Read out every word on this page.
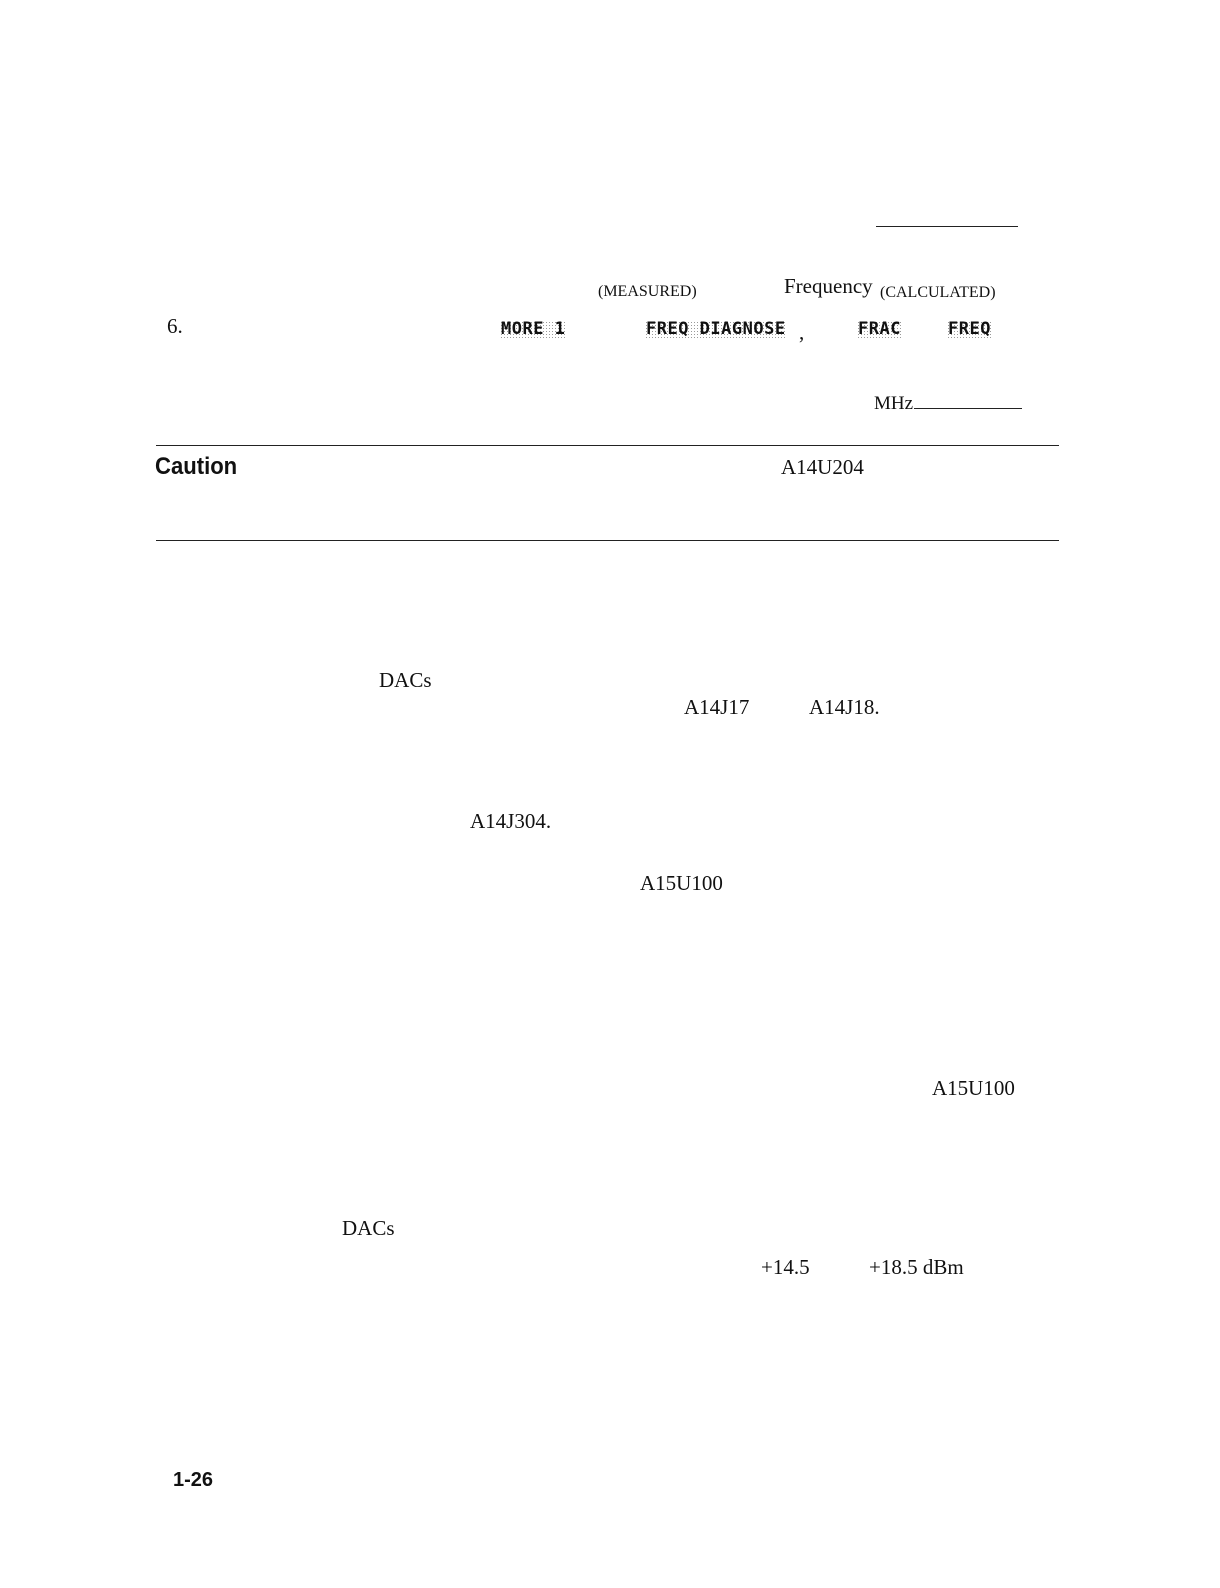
(MEASURED)	Frequency (CALCULATED)
6.	MORE 1	FREQ DIAGNOSE ,	FRAC	FREQ
MHz
Caution	A14U204
DACs
A14J17	A14J18.
A14J304.
A15U100
A15U100
DACs
+14.5	+18.5 dBm
1-26
